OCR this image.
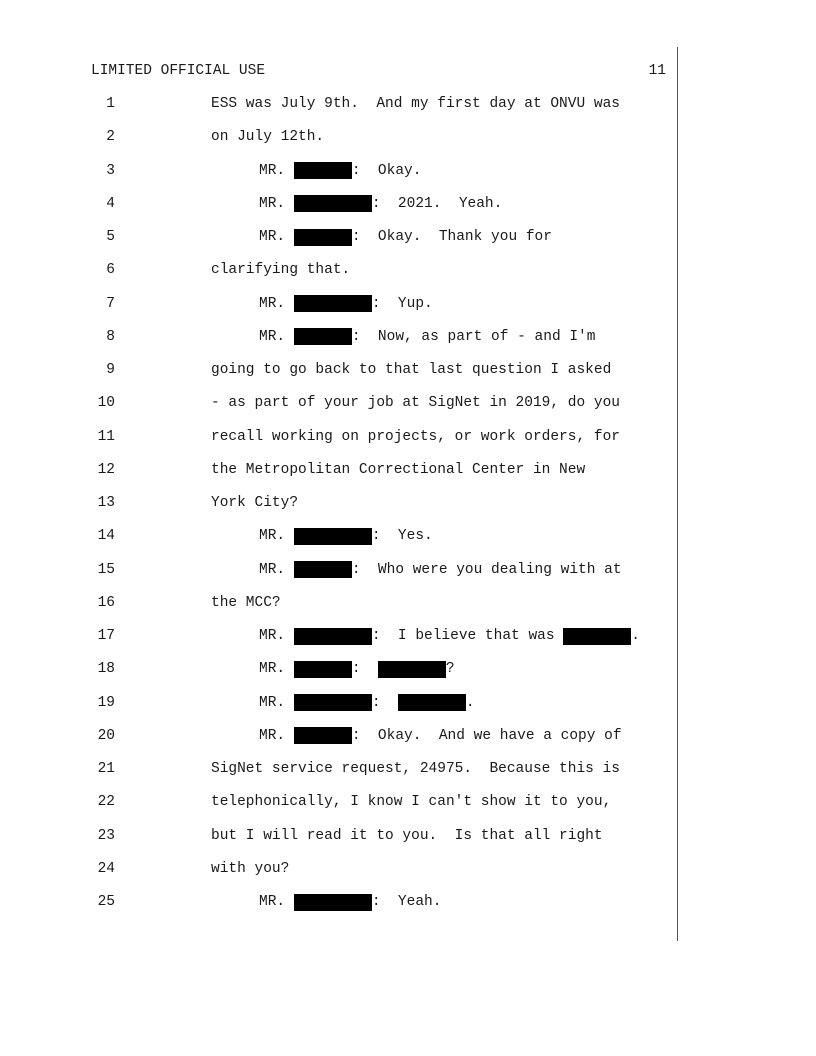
LIMITED OFFICIAL USE	11
1	ESS was July 9th.  And my first day at ONVU was
2	on July 12th.
3	MR.	:  Okay.
4	MR.	:  2021.  Yeah.
5	MR.	:  Okay.  Thank you for
6	clarifying that.
7	MR.	:  Yup.
8	MR.	:  Now, as part of - and I'm
9	going to go back to that last question I asked
10	- as part of your job at SigNet in 2019, do you
11	recall working on projects, or work orders, for
12	the Metropolitan Correctional Center in New
13	York City?
14	MR.	:  Yes.
15	MR.	:  Who were you dealing with at
16	the MCC?
17	MR.	:  I believe that was	.
18	MR.	:	?
19	MR.	:	.
20	MR.	:  Okay.  And we have a copy of
21	SigNet service request, 24975.  Because this is
22	telephonically, I know I can't show it to you,
23	but I will read it to you.  Is that all right
24	with you?
25	MR.	:  Yeah.
